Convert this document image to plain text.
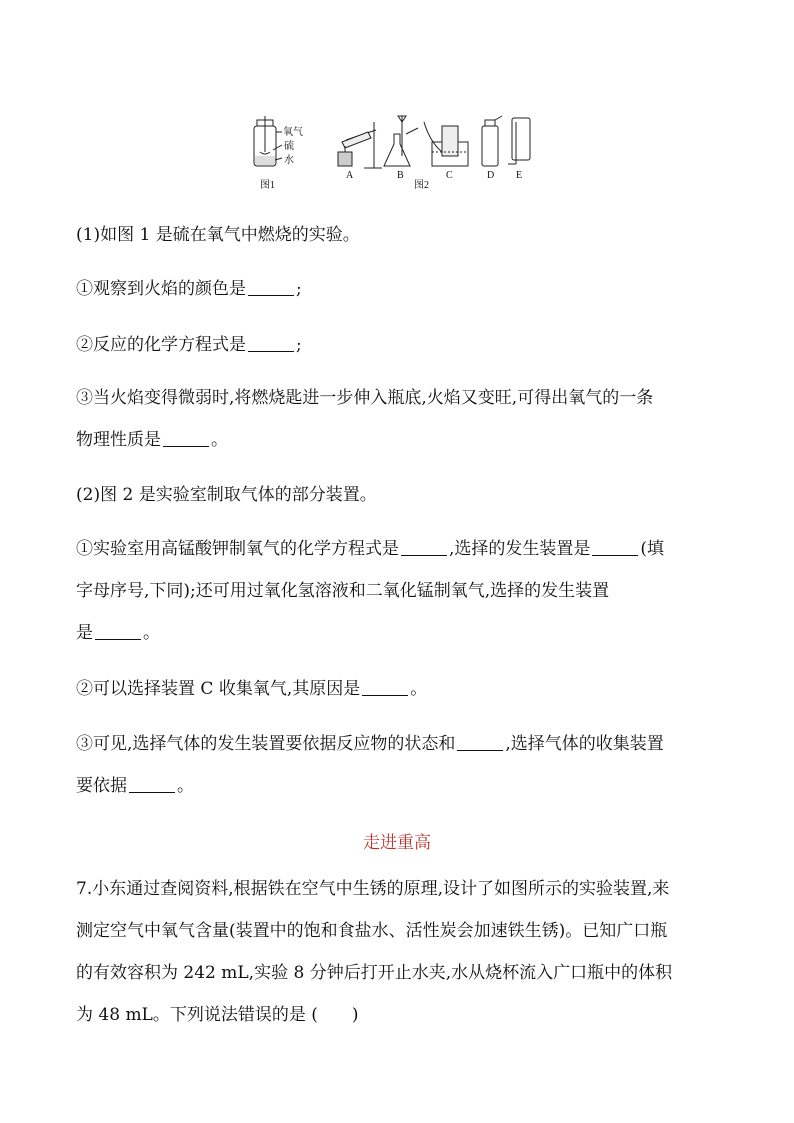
氧气
硫
水
图1
A	B	C
图2
D E

(1)如图 1 是硫在氧气中燃烧的实验。

①观察到火焰的颜色是	;

②反应的化学方程式是	;

③当火焰变得微弱时,将燃烧匙进一步伸入瓶底,火焰又变旺,可得出氧气的一条

物理性质是	。

(2)图 2 是实验室制取气体的部分装置。

①实验室用高锰酸钾制氧气的化学方程式是	,选择的发生装置是	(填

字母序号,下同);还可用过氧化氢溶液和二氧化锰制氧气,选择的发生装置

是	。

②可以选择装置 C 收集氧气,其原因是	。

③可见,选择气体的发生装置要依据反应物的状态和	,选择气体的收集装置

要依据	。

走进重高

7.小东通过查阅资料,根据铁在空气中生锈的原理,设计了如图所示的实验装置,来

测定空气中氧气含量(装置中的饱和食盐水、活性炭会加速铁生锈)。已知广口瓶

的有效容积为 242 mL,实验 8 分钟后打开止水夹,水从烧杯流入广口瓶中的体积

为 48 mL。下列说法错误的是 (　　)
